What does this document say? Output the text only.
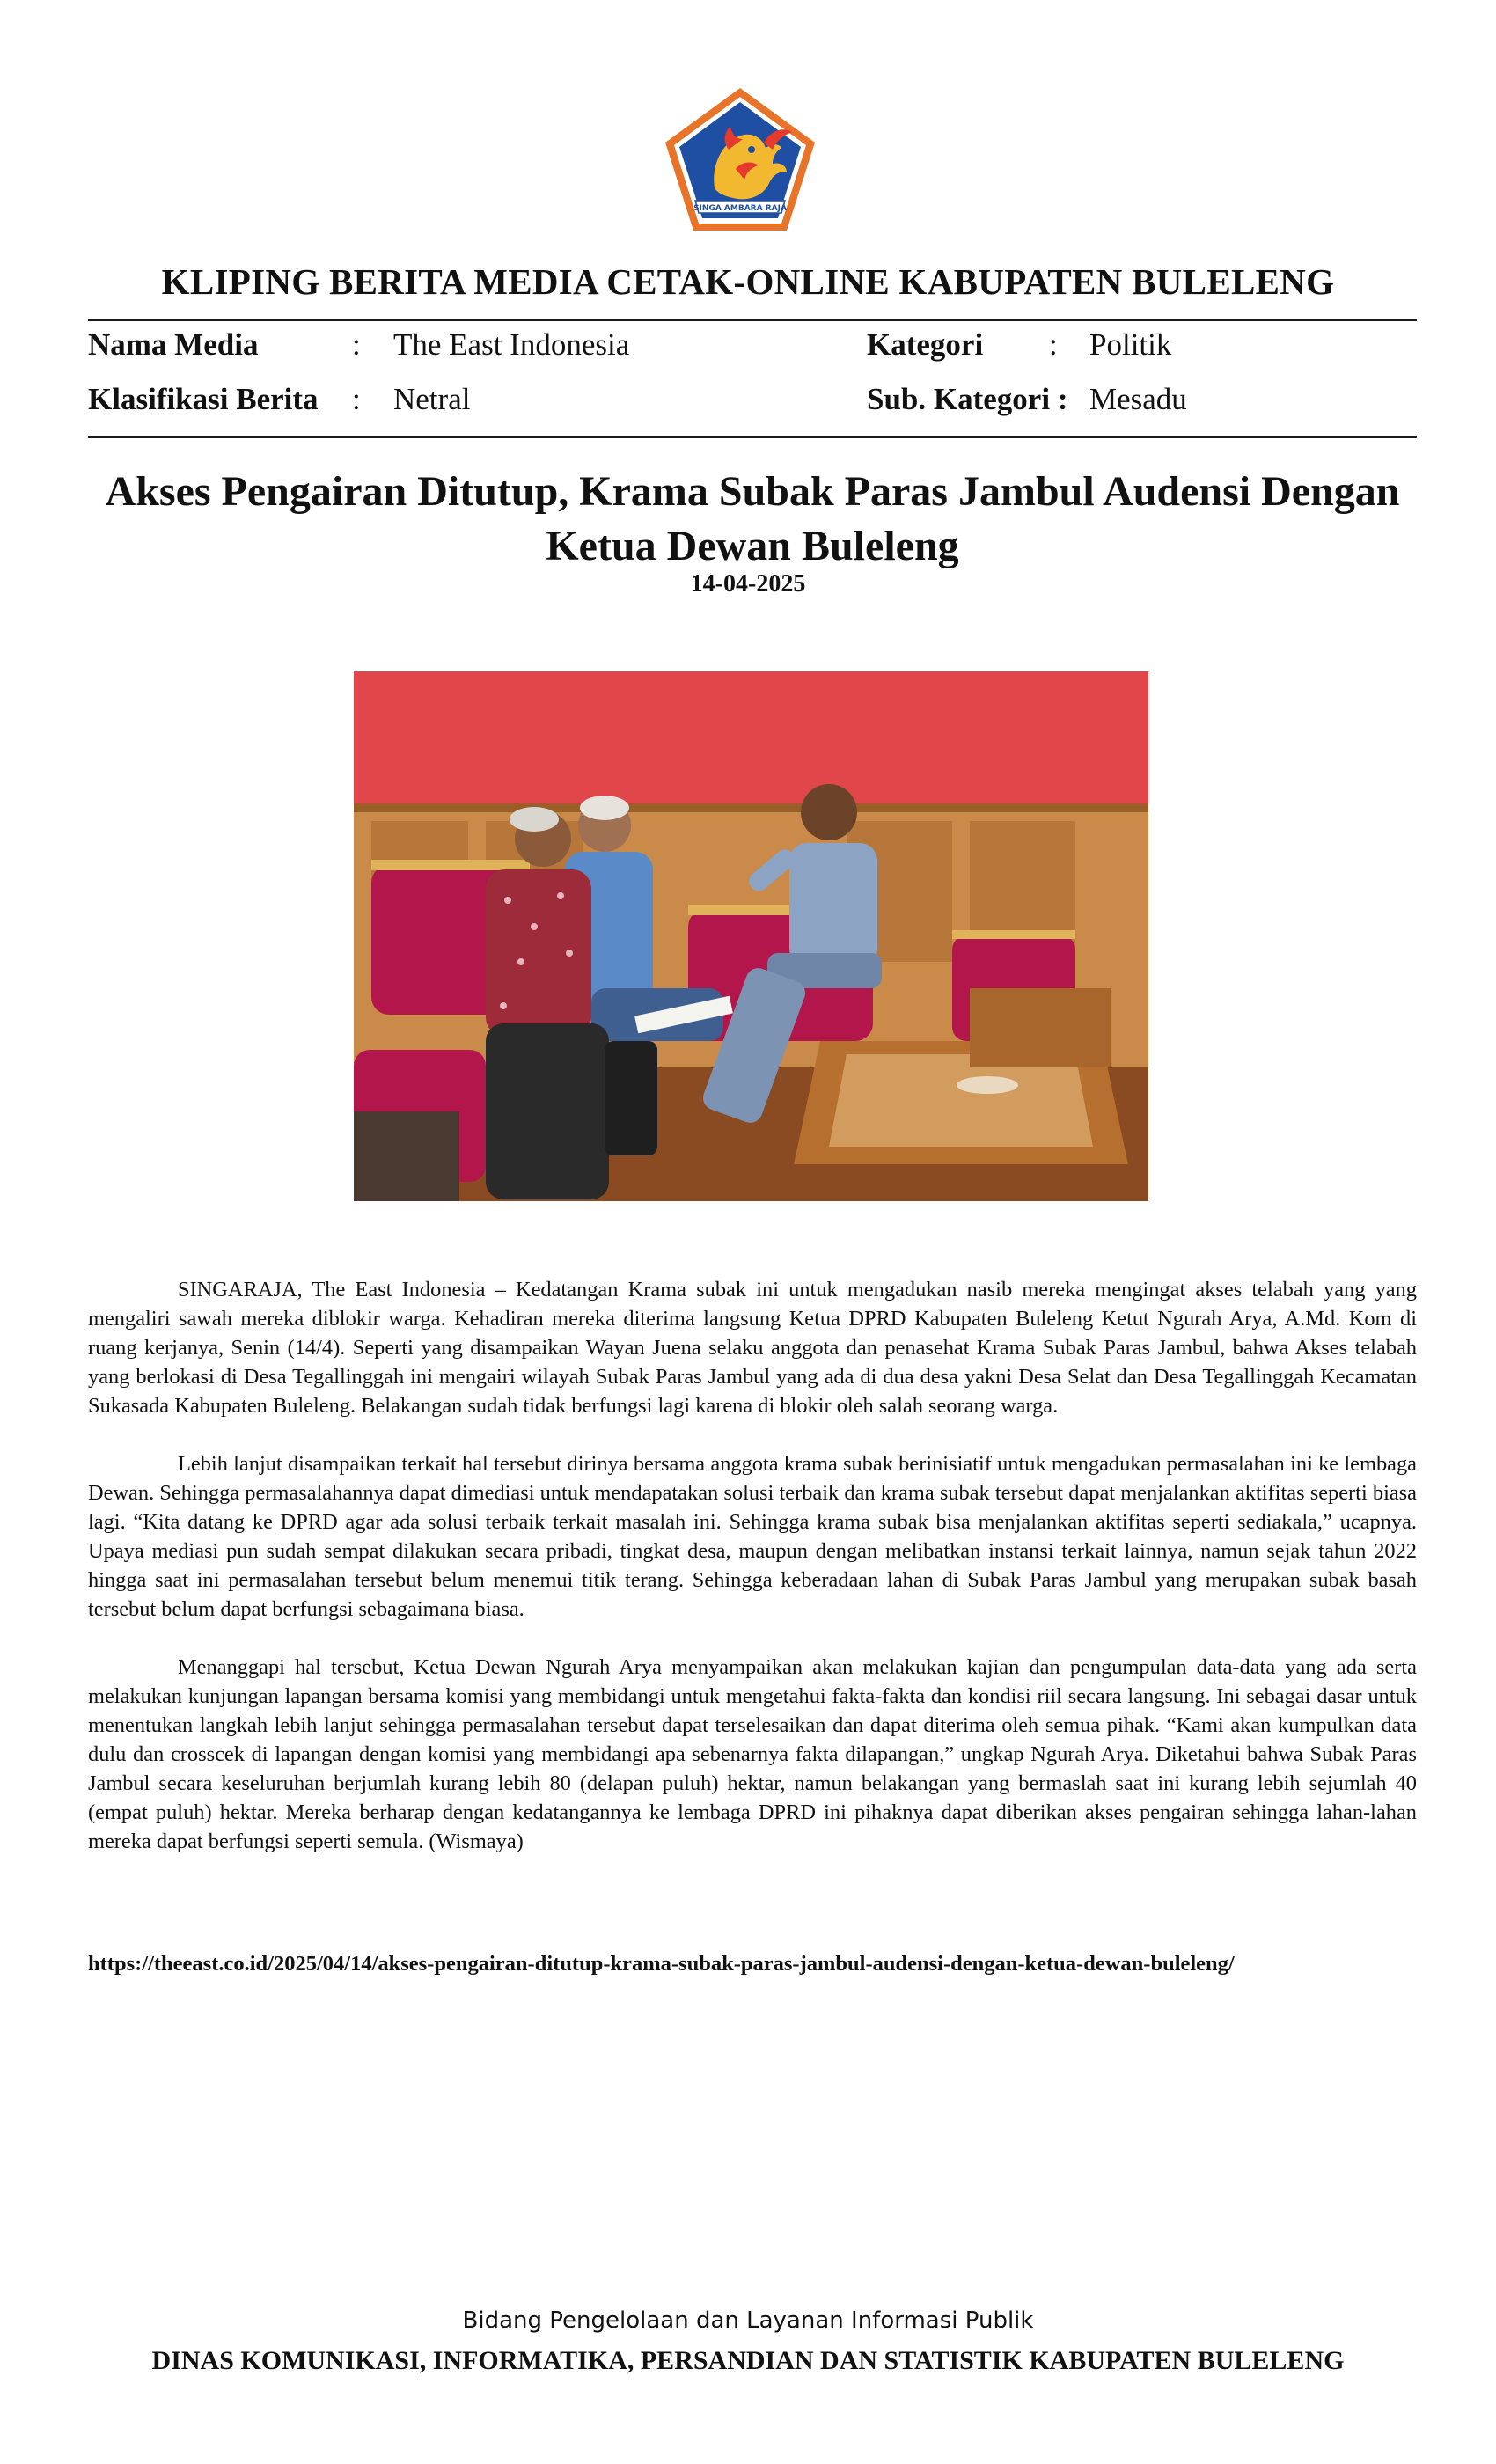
SINGA AMBARA RAJA
KLIPING BERITA MEDIA CETAK-ONLINE KABUPATEN BULELENG
Nama Media	: The East Indonesia	Kategori : Politik
Klasifikasi Berita : Netral	Sub. Kategori : Mesadu
Akses Pengairan Ditutup, Krama Subak Paras Jambul Audensi Dengan Ketua Dewan Buleleng
14-04-2025

SINGARAJA, The East Indonesia – Kedatangan Krama subak ini untuk mengadukan nasib mereka mengingat akses telabah yang yang mengaliri sawah mereka diblokir warga. Kehadiran mereka diterima langsung Ketua DPRD Kabupaten Buleleng Ketut Ngurah Arya, A.Md. Kom di ruang kerjanya, Senin (14/4). Seperti yang disampaikan Wayan Juena selaku anggota dan penasehat Krama Subak Paras Jambul, bahwa Akses telabah yang berlokasi di Desa Tegallinggah ini mengairi wilayah Subak Paras Jambul yang ada di dua desa yakni Desa Selat dan Desa Tegallinggah Kecamatan Sukasada Kabupaten Buleleng. Belakangan sudah tidak berfungsi lagi karena di blokir oleh salah seorang warga.

Lebih lanjut disampaikan terkait hal tersebut dirinya bersama anggota krama subak berinisiatif untuk mengadukan permasalahan ini ke lembaga Dewan. Sehingga permasalahannya dapat dimediasi untuk mendapatakan solusi terbaik dan krama subak tersebut dapat menjalankan aktifitas seperti biasa lagi. “Kita datang ke DPRD agar ada solusi terbaik terkait masalah ini. Sehingga krama subak bisa menjalankan aktifitas seperti sediakala,” ucapnya. Upaya mediasi pun sudah sempat dilakukan secara pribadi, tingkat desa, maupun dengan melibatkan instansi terkait lainnya, namun sejak tahun 2022 hingga saat ini permasalahan tersebut belum menemui titik terang. Sehingga keberadaan lahan di Subak Paras Jambul yang merupakan subak basah tersebut belum dapat berfungsi sebagaimana biasa.

Menanggapi hal tersebut, Ketua Dewan Ngurah Arya menyampaikan akan melakukan kajian dan pengumpulan data-data yang ada serta melakukan kunjungan lapangan bersama komisi yang membidangi untuk mengetahui fakta-fakta dan kondisi riil secara langsung. Ini sebagai dasar untuk menentukan langkah lebih lanjut sehingga permasalahan tersebut dapat terselesaikan dan dapat diterima oleh semua pihak. “Kami akan kumpulkan data dulu dan crosscek di lapangan dengan komisi yang membidangi apa sebenarnya fakta dilapangan,” ungkap Ngurah Arya. Diketahui bahwa Subak Paras Jambul secara keseluruhan berjumlah kurang lebih 80 (delapan puluh) hektar, namun belakangan yang bermaslah saat ini kurang lebih sejumlah 40 (empat puluh) hektar. Mereka berharap dengan kedatangannya ke lembaga DPRD ini pihaknya dapat diberikan akses pengairan sehingga lahan-lahan mereka dapat berfungsi seperti semula. (Wismaya)

https://theeast.co.id/2025/04/14/akses-pengairan-ditutup-krama-subak-paras-jambul-audensi-dengan-ketua-dewan-buleleng/
Bidang Pengelolaan dan Layanan Informasi Publik
DINAS KOMUNIKASI, INFORMATIKA, PERSANDIAN DAN STATISTIK KABUPATEN BULELENG
